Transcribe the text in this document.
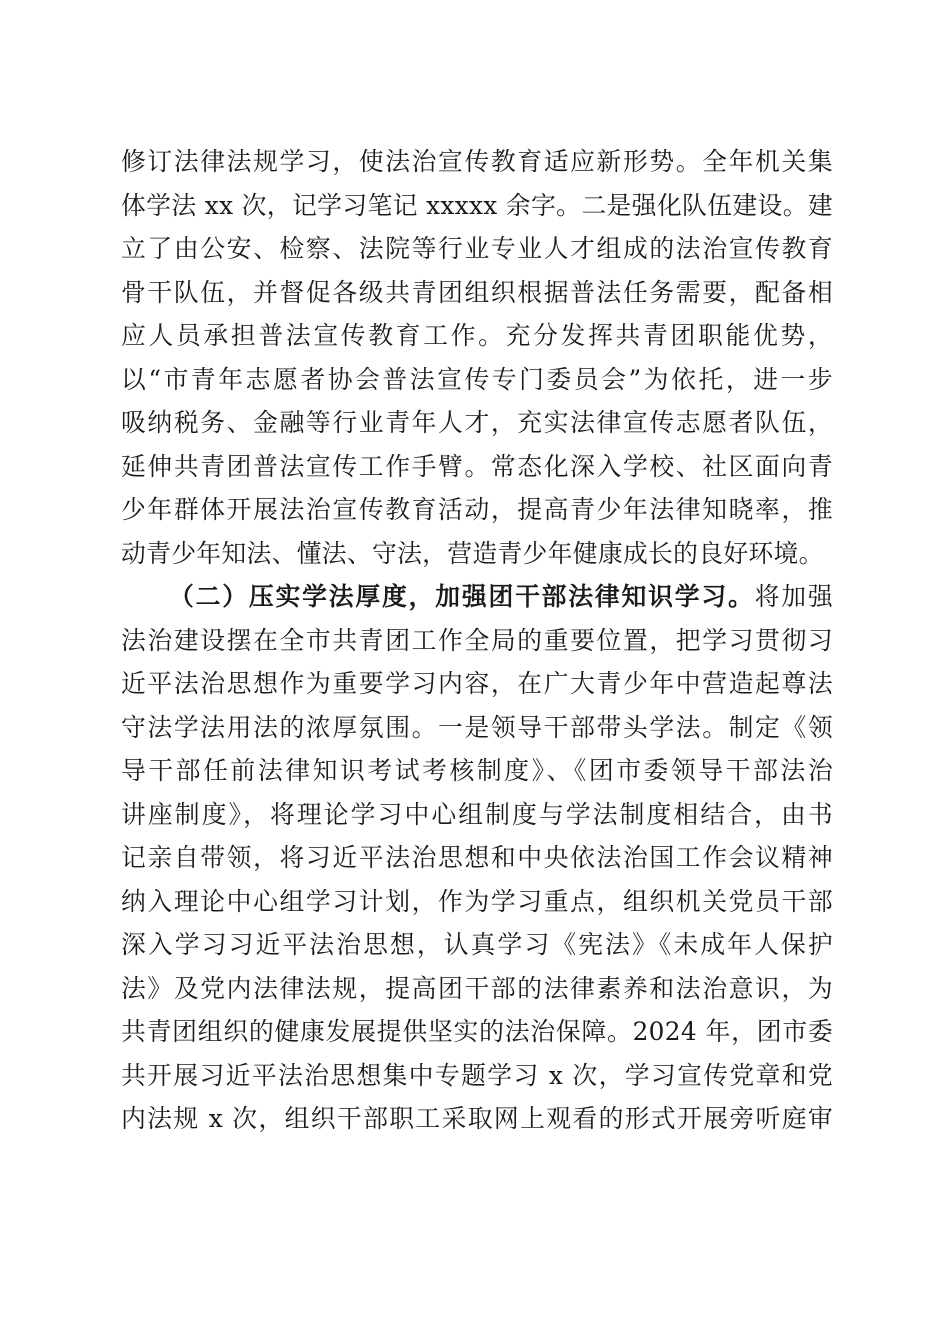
修订法律法规学习，使法治宣传教育适应新形势。全年机关集
体学法 xx 次，记学习笔记 xxxxx 余字。二是强化队伍建设。建
立了由公安、检察、法院等行业专业人才组成的法治宣传教育
骨干队伍，并督促各级共青团组织根据普法任务需要，配备相
应人员承担普法宣传教育工作。充分发挥共青团职能优势，
以“市青年志愿者协会普法宣传专门委员会”为依托，进一步
吸纳税务、金融等行业青年人才，充实法律宣传志愿者队伍，
延伸共青团普法宣传工作手臂。常态化深入学校、社区面向青
少年群体开展法治宣传教育活动，提高青少年法律知晓率，推
动青少年知法、懂法、守法，营造青少年健康成长的良好环境。
（二）压实学法厚度，加强团干部法律知识学习。将加强
法治建设摆在全市共青团工作全局的重要位置，把学习贯彻习
近平法治思想作为重要学习内容，在广大青少年中营造起尊法
守法学法用法的浓厚氛围。一是领导干部带头学法。制定《领
导干部任前法律知识考试考核制度》、《团市委领导干部法治
讲座制度》，将理论学习中心组制度与学法制度相结合，由书
记亲自带领，将习近平法治思想和中央依法治国工作会议精神
纳入理论中心组学习计划，作为学习重点，组织机关党员干部
深入学习习近平法治思想，认真学习《宪法》《未成年人保护
法》及党内法律法规，提高团干部的法律素养和法治意识，为
共青团组织的健康发展提供坚实的法治保障。2024 年，团市委
共开展习近平法治思想集中专题学习 x 次，学习宣传党章和党
内法规 x 次，组织干部职工采取网上观看的形式开展旁听庭审
